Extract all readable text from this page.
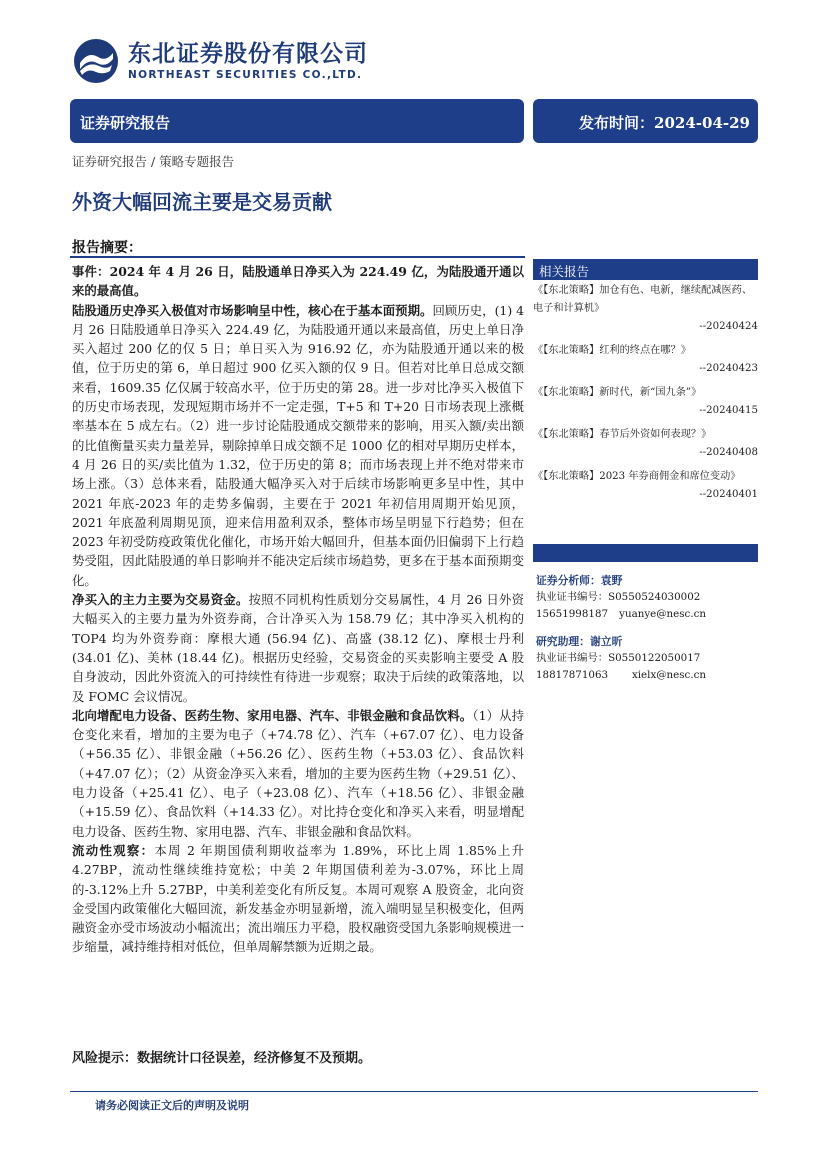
东北证券股份有限公司
NORTHEAST SECURITIES CO.,LTD.
证券研究报告	发布时间：2024-04-29
证券研究报告 / 策略专题报告
外资大幅回流主要是交易贡献
报告摘要：

事件：2024 年 4 月 26 日，陆股通单日净买入为 224.49 亿，为陆股通开通以来的最高值。

陆股通历史净买入极值对市场影响呈中性，核心在于基本面预期。回顾历史，(1) 4 月 26 日陆股通单日净买入 224.49 亿，为陆股通开通以来最高值，历史上单日净买入超过 200 亿的仅 5 日；单日买入为 916.92 亿，亦为陆股通开通以来的极值，位于历史的第 6，单日超过 900 亿买入额的仅 9 日。但若对比单日总成交额来看，1609.35 亿仅属于较高水平，位于历史的第 28。进一步对比净买入极值下的历史市场表现，发现短期市场并不一定走强，T+5 和 T+20 日市场表现上涨概率基本在 5 成左右。（2）进一步讨论陆股通成交额带来的影响，用买入额/卖出额的比值衡量买卖力量差异，剔除掉单日成交额不足 1000 亿的相对早期历史样本，4 月 26 日的买/卖比值为 1.32，位于历史的第 8；而市场表现上并不绝对带来市场上涨。（3）总体来看，陆股通大幅净买入对于后续市场影响更多呈中性，其中 2021 年底-2023 年的走势多偏弱，主要在于 2021 年初信用周期开始见顶，2021 年底盈利周期见顶，迎来信用盈利双杀，整体市场呈明显下行趋势；但在 2023 年初受防疫政策优化催化，市场开始大幅回升，但基本面仍旧偏弱下上行趋势受阻，因此陆股通的单日影响并不能决定后续市场趋势，更多在于基本面预期变化。

净买入的主力主要为交易资金。按照不同机构性质划分交易属性，4 月 26 日外资大幅买入的主要力量为外资券商，合计净买入为 158.79 亿；其中净买入机构的 TOP4 均为外资券商：摩根大通 (56.94 亿)、高盛 (38.12 亿)、摩根士丹利 (34.01 亿)、美林 (18.44 亿)。根据历史经验，交易资金的买卖影响主要受 A 股自身波动，因此外资流入的可持续性有待进一步观察；取决于后续的政策落地，以及 FOMC 会议情况。

北向增配电力设备、医药生物、家用电器、汽车、非银金融和食品饮料。（1）从持仓变化来看，增加的主要为电子（+74.78 亿）、汽车（+67.07 亿）、电力设备（+56.35 亿）、非银金融（+56.26 亿）、医药生物（+53.03 亿）、食品饮料（+47.07 亿）；（2）从资金净买入来看，增加的主要为医药生物（+29.51 亿）、电力设备（+25.41 亿）、电子（+23.08 亿）、汽车（+18.56 亿）、非银金融（+15.59 亿）、食品饮料（+14.33 亿）。对比持仓变化和净买入来看，明显增配电力设备、医药生物、家用电器、汽车、非银金融和食品饮料。

流动性观察：本周 2 年期国债利期收益率为 1.89%，环比上周 1.85%上升 4.27BP，流动性继续维持宽松；中美 2 年期国债利差为-3.07%，环比上周的-3.12%上升 5.27BP，中美利差变化有所反复。本周可观察 A 股资金，北向资金受国内政策催化大幅回流，新发基金亦明显新增，流入端明显呈积极变化，但两融资金亦受市场波动小幅流出；流出端压力平稳，股权融资受国九条影响规模进一步缩量，减持维持相对低位，但单周解禁额为近期之最。

风险提示：数据统计口径误差，经济修复不及预期。
请务必阅读正文后的声明及说明
相关报告
《【东北策略】加仓有色、电新，继续配减医药、电子和计算机》
--20240424
《【东北策略】红利的终点在哪？》
--20240423
《【东北策略】新时代，新“国九条”》
--20240415
《【东北策略】春节后外资如何表现？》
--20240408
《【东北策略】2023 年券商佣金和席位变动》
--20240401
证券分析师：袁野
执业证书编号：S0550524030002
15651998187 yuanye@nesc.cn
研究助理：谢立昕
执业证书编号：S0550122050017
18817871063 xielx@nesc.cn
